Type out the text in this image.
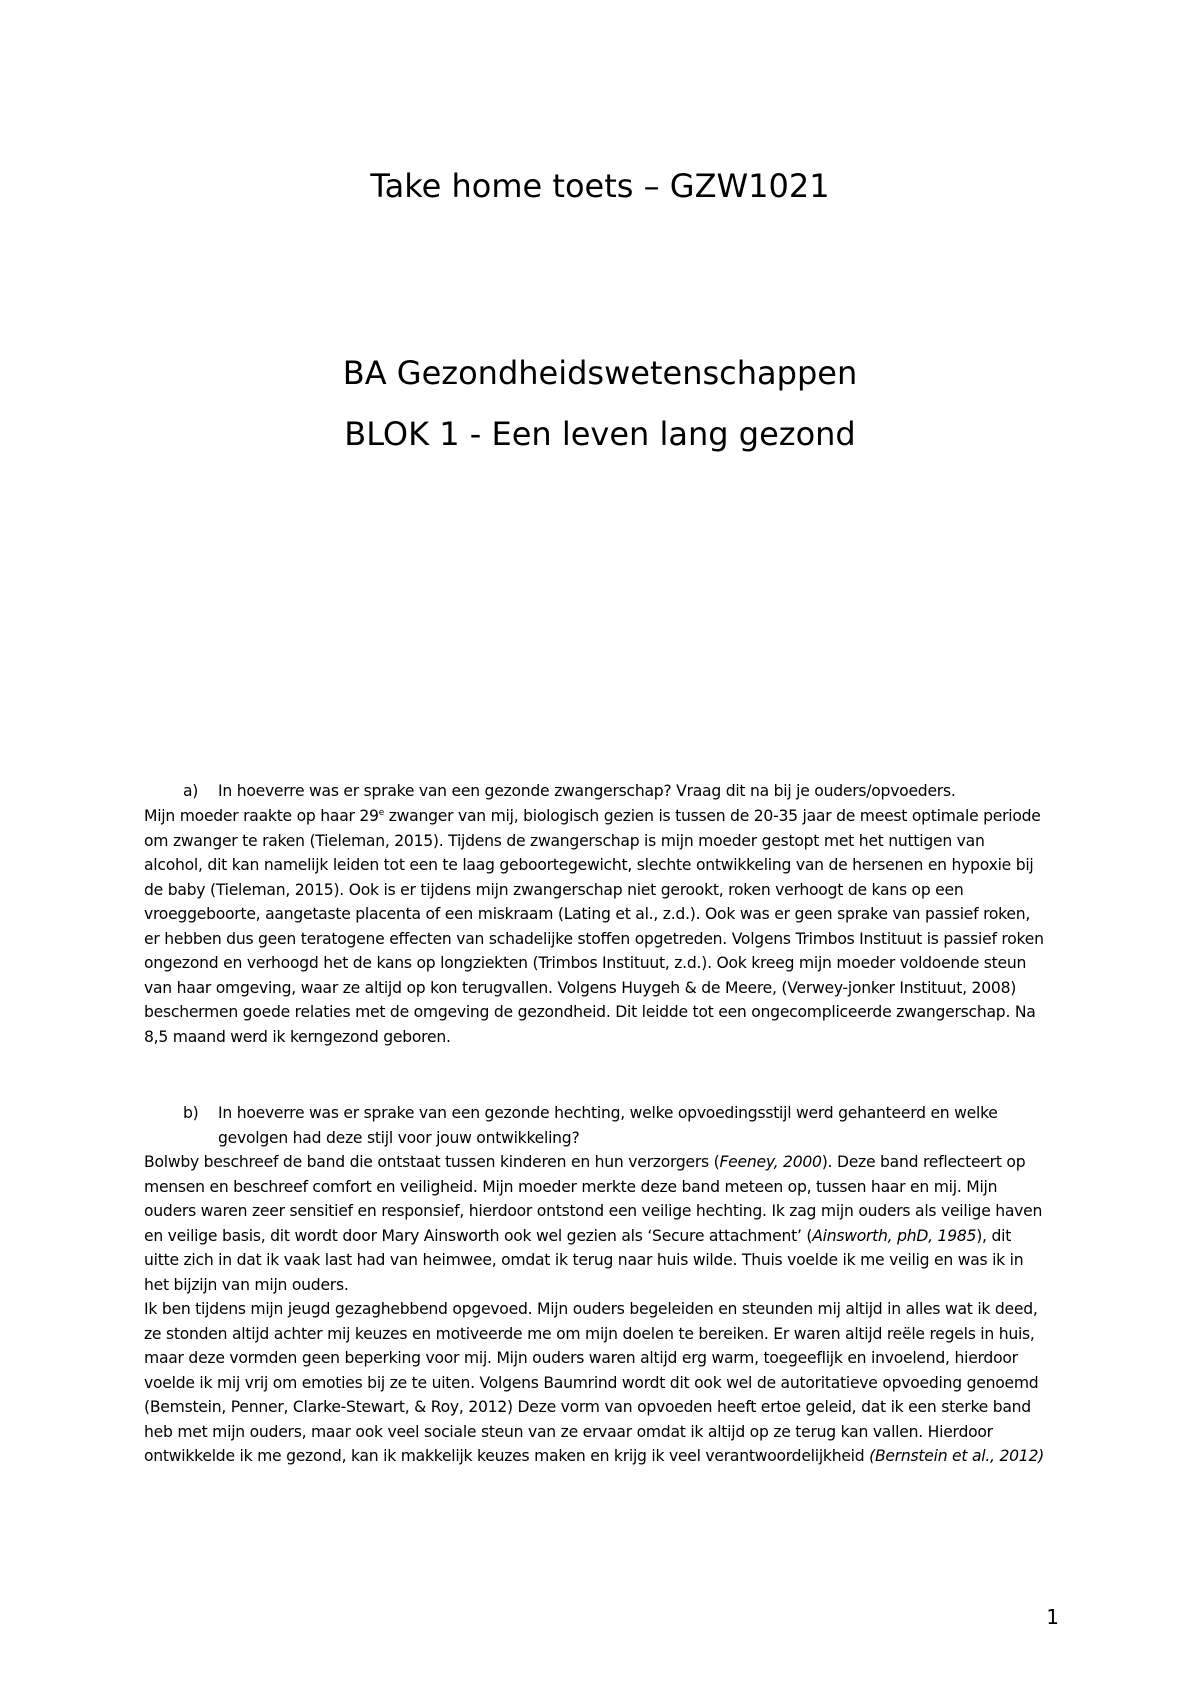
Take home toets – GZW1021
BA Gezondheidswetenschappen
BLOK 1 - Een leven lang gezond
a) In hoeverre was er sprake van een gezonde zwangerschap? Vraag dit na bij je ouders/opvoeders.

Mijn moeder raakte op haar 29e zwanger van mij, biologisch gezien is tussen de 20-35 jaar de meest optimale periode om zwanger te raken (Tieleman, 2015). Tijdens de zwangerschap is mijn moeder gestopt met het nuttigen van alcohol, dit kan namelijk leiden tot een te laag geboortegewicht, slechte ontwikkeling van de hersenen en hypoxie bij de baby (Tieleman, 2015). Ook is er tijdens mijn zwangerschap niet gerookt, roken verhoogt de kans op een vroeggeboorte, aangetaste placenta of een miskraam (Lating et al., z.d.). Ook was er geen sprake van passief roken, er hebben dus geen teratogene effecten van schadelijke stoffen opgetreden. Volgens Trimbos Instituut is passief roken ongezond en verhoogd het de kans op longziekten (Trimbos Instituut, z.d.). Ook kreeg mijn moeder voldoende steun van haar omgeving, waar ze altijd op kon terugvallen. Volgens Huygeh & de Meere, (Verwey-jonker Instituut, 2008) beschermen goede relaties met de omgeving de gezondheid. Dit leidde tot een ongecompliceerde zwangerschap. Na 8,5 maand werd ik kerngezond geboren.

b) In hoeverre was er sprake van een gezonde hechting, welke opvoedingsstijl werd gehanteerd en welke gevolgen had deze stijl voor jouw ontwikkeling?

Bolwby beschreef de band die ontstaat tussen kinderen en hun verzorgers (Feeney, 2000). Deze band reflecteert op mensen en beschreef comfort en veiligheid. Mijn moeder merkte deze band meteen op, tussen haar en mij. Mijn ouders waren zeer sensitief en responsief, hierdoor ontstond een veilige hechting. Ik zag mijn ouders als veilige haven en veilige basis, dit wordt door Mary Ainsworth ook wel gezien als ‘Secure attachment’ (Ainsworth, phD, 1985), dit uitte zich in dat ik vaak last had van heimwee, omdat ik terug naar huis wilde. Thuis voelde ik me veilig en was ik in het bijzijn van mijn ouders.

Ik ben tijdens mijn jeugd gezaghebbend opgevoed. Mijn ouders begeleiden en steunden mij altijd in alles wat ik deed, ze stonden altijd achter mij keuzes en motiveerde me om mijn doelen te bereiken. Er waren altijd reële regels in huis, maar deze vormden geen beperking voor mij. Mijn ouders waren altijd erg warm, toegeeflijk en invoelend, hierdoor voelde ik mij vrij om emoties bij ze te uiten. Volgens Baumrind wordt dit ook wel de autoritatieve opvoeding genoemd (Bemstein, Penner, Clarke-Stewart, & Roy, 2012) Deze vorm van opvoeden heeft ertoe geleid, dat ik een sterke band heb met mijn ouders, maar ook veel sociale steun van ze ervaar omdat ik altijd op ze terug kan vallen. Hierdoor ontwikkelde ik me gezond, kan ik makkelijk keuzes maken en krijg ik veel verantwoordelijkheid (Bernstein et al., 2012)

1
